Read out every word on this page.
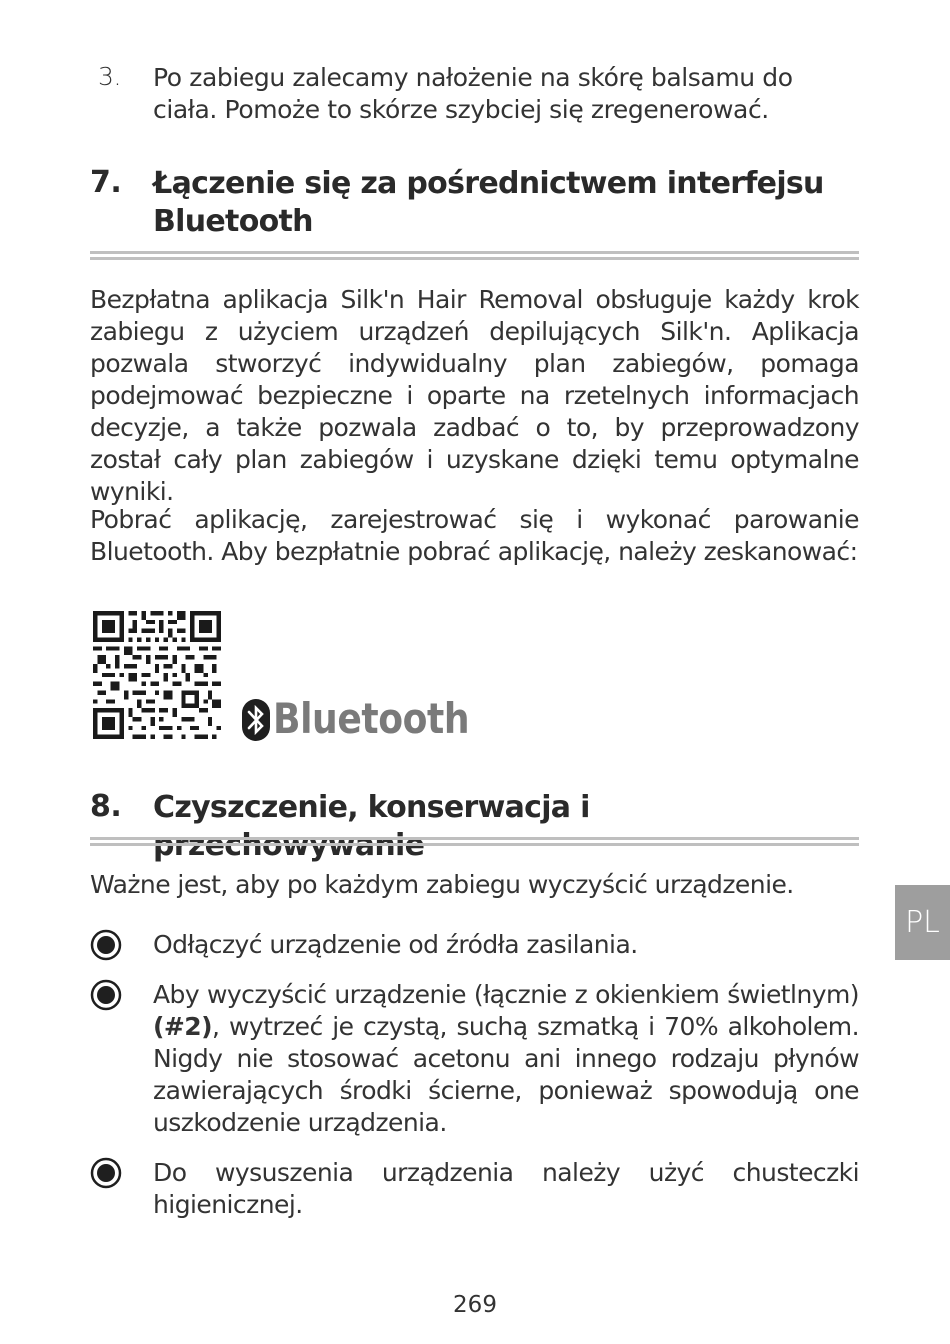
3. Po zabiegu zalecamy nałożenie na skórę balsamu do ciała. Pomoże to skórze szybciej się zregenerować.
7. Łączenie się za pośrednictwem interfejsu
Bluetooth
Bezpłatna aplikacja Silk'n Hair Removal obsługuje każdy krok zabiegu z użyciem urządzeń depilujących Silk'n. Aplikacja pozwala stworzyć indywidualny plan zabiegów, pomaga podejmować bezpieczne i oparte na rzetelnych informacjach decyzje, a także pozwala zadbać o to, by przeprowadzony został cały plan zabiegów i uzyskane dzięki temu optymalne wyniki.
Pobrać aplikację, zarejestrować się i wykonać parowanie Bluetooth. Aby bezpłatnie pobrać aplikację, należy zeskanować:
Bluetooth
8. Czyszczenie, konserwacja i przechowywanie
Ważne jest, aby po każdym zabiegu wyczyścić urządzenie.
Odłączyć urządzenie od źródła zasilania.
Aby wyczyścić urządzenie (łącznie z okienkiem świetlnym) (#2), wytrzeć je czystą, suchą szmatką i 70% alkoholem. Nigdy nie stosować acetonu ani innego rodzaju płynów zawierających środki ścierne, ponieważ spowodują one uszkodzenie urządzenia.
Do wysuszenia urządzenia należy użyć chusteczki higienicznej.
PL
269
